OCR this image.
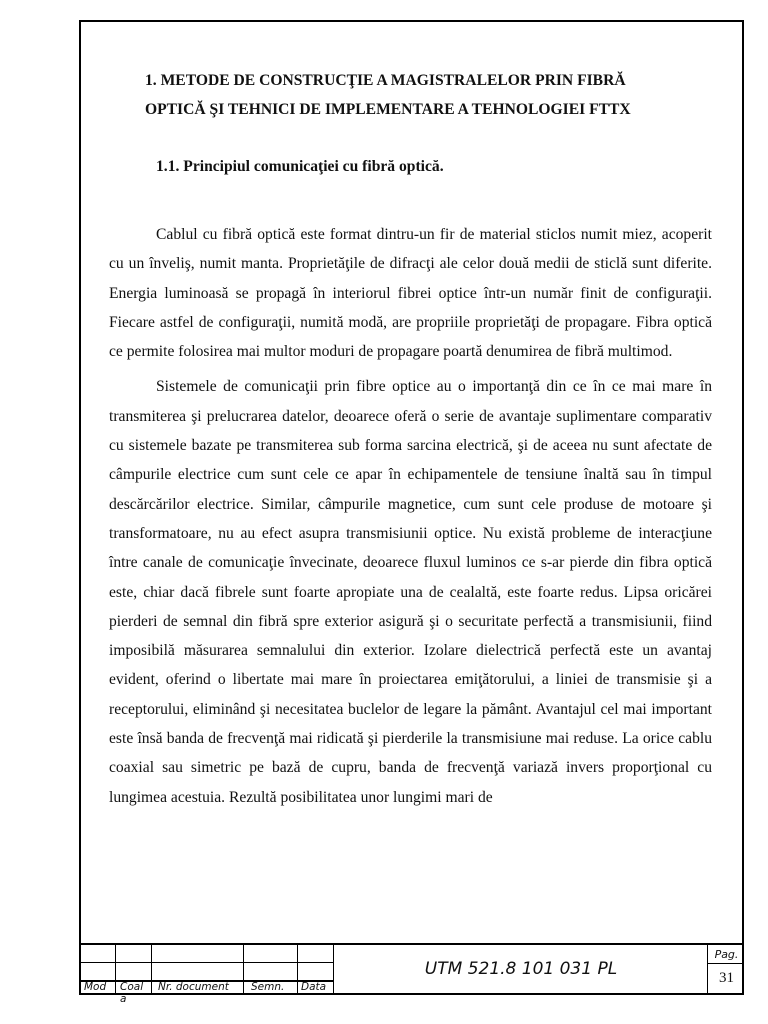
1. METODE DE CONSTRUCŢIE A MAGISTRALELOR PRIN FIBRĂ
OPTICĂ ŞI TEHNICI DE IMPLEMENTARE A TEHNOLOGIEI FTTX
1.1. Principiul comunicaţiei cu fibră optică.

Cablul cu fibră optică este format dintru-un fir de material sticlos numit miez, acoperit cu un înveliş, numit manta. Proprietăţile de difracţi ale celor două medii de sticlă sunt diferite. Energia luminoasă se propagă în interiorul fibrei optice într-un număr finit de configuraţii. Fiecare astfel de configuraţii, numită modă, are propriile proprietăţi de propagare. Fibra optică ce permite folosirea mai multor moduri de propagare poartă denumirea de fibră multimod.

Sistemele de comunicaţii prin fibre optice au o importanţă din ce în ce mai mare în transmiterea şi prelucrarea datelor, deoarece oferă o serie de avantaje suplimentare comparativ cu sistemele bazate pe transmiterea sub forma sarcina electrică, şi de aceea nu sunt afectate de câmpurile electrice cum sunt cele ce apar în echipamentele de tensiune înaltă sau în timpul descărcărilor electrice. Similar, câmpurile magnetice, cum sunt cele produse de motoare şi transformatoare, nu au efect asupra transmisiunii optice. Nu există probleme de interacţiune între canale de comunicaţie învecinate, deoarece fluxul luminos ce s-ar pierde din fibra optică este, chiar dacă fibrele sunt foarte apropiate una de cealaltă, este foarte redus. Lipsa oricărei pierderi de semnal din fibră spre exterior asigură şi o securitate perfectă a transmisiunii, fiind imposibilă măsurarea semnalului din exterior. Izolare dielectrică perfectă este un avantaj evident, oferind o libertate mai mare în proiectarea emiţătorului, a liniei de transmisie şi a receptorului, eliminând şi necesitatea buclelor de legare la pământ. Avantajul cel mai important este însă banda de frecvenţă mai ridicată şi pierderile la transmisiune mai reduse. La orice cablu coaxial sau simetric pe bază de cupru, banda de frecvenţă variază invers proporţional cu lungimea acestuia. Rezultă posibilitatea unor lungimi mari de

Mod Coal
a
Nr. document Semn. Data
UTM 521.8 101 031 PL
Pag.
31
